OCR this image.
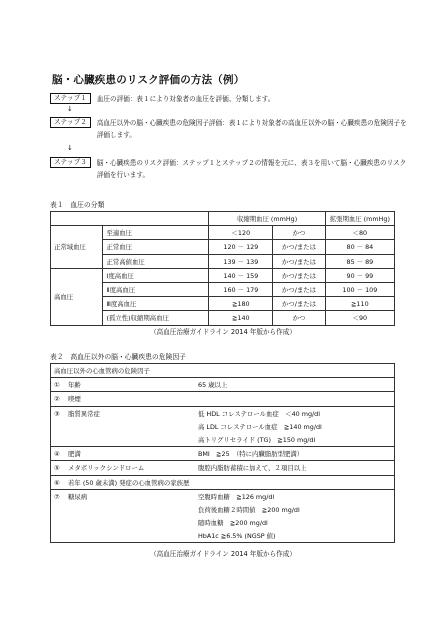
脳・心臓疾患のリスク評価の方法（例）
ステップ１ 血圧の評価：表１により対象者の血圧を評価、分類します。
↓
ステップ２ 高血圧以外の脳・心臓疾患の危険因子評価：表１により対象者の高血圧以外の脳・心臓疾患の危険因子を評価します。
↓
ステップ３ 脳・心臓疾患のリスク評価：ステップ１とステップ２の情報を元に、表３を用いて脳・心臓疾患のリスク評価を行います。
表１　血圧の分類
		収縮期血圧 (mmHg)		拡張期血圧 (mmHg)
正常域血圧	至適血圧	＜120	かつ	＜80
	正常血圧	120 － 129	かつ/または	80 － 84
	正常高値血圧	139 － 139	かつ/または	85 － 89
高血圧	Ⅰ度高血圧	140 － 159	かつ/または	90 － 99
	Ⅱ度高血圧	160 － 179	かつ/または	100 － 109
	Ⅲ度高血圧	≧180	かつ/または	≧110
	(孤立性)収縮期高血圧	≧140	かつ	＜90
（高血圧治療ガイドライン 2014 年版から作成）
表２　高血圧以外の脳・心臓疾患の危険因子
高血圧以外の心血管病の危険因子	
① 年齢	65 歳以上
② 喫煙	
③ 脂質異常症	低 HDL コレステロール血症　＜40 mg/dl
	高 LDL コレステロール血症　≧140 mg/dl
	高トリグリセライド (TG)　≧150 mg/dl
④ 肥満	BMI　≧25　（特に内臓脂肪型肥満）
⑤ メタボリックシンドローム	腹腔内脂肪蓄積に加えて、２項目以上
⑥ 若年 (50 歳未満) 発症の心血管病の家族歴	
⑦ 糖尿病	空腹時血糖　≧126 mg/dl
	負荷後血糖２時間値　≧200 mg/dl
	随時血糖　≧200 mg/dl
	HbA1c ≧6.5% (NGSP 値)
（高血圧治療ガイドライン 2014 年版から作成）
